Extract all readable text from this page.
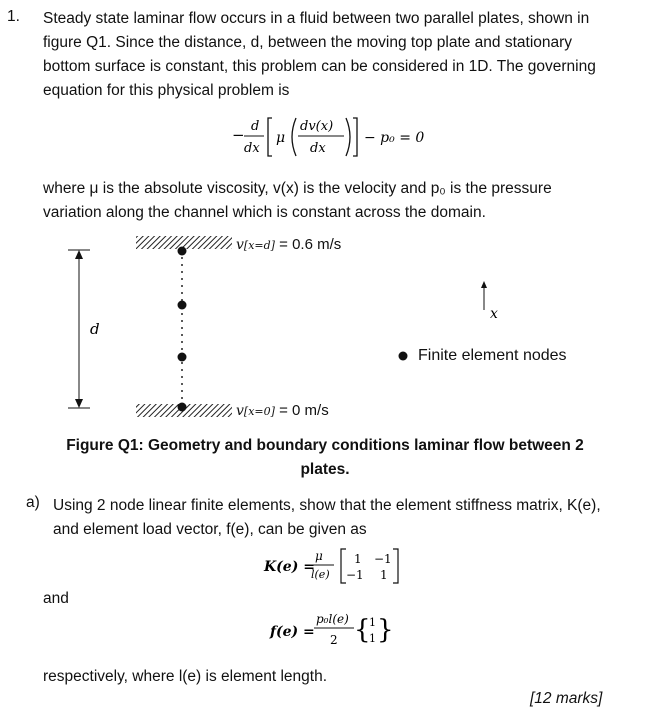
1. Steady state laminar flow occurs in a fluid between two parallel plates, shown in figure Q1. Since the distance, d, between the moving top plate and stationary bottom surface is constant, this problem can be considered in 1D. The governing equation for this physical problem is
− d
dx
μ
dv(x)
dx
− p₀ = 0
where μ is the absolute viscosity, v(x) is the velocity and p₀ is the pressure variation along the channel which is constant across the domain.
d
x
v[x=d] = 0.6 m/s
v[x=0] = 0 m/s
Finite element nodes
Figure Q1: Geometry and boundary conditions laminar flow between 2
plates.
a) Using 2 node linear finite elements, show that the element stiffness matrix, K(e), and element load vector, f(e), can be given as
K(e) =
μ
l(e)
1 −1
−1 1
and
f(e) =
p₀l(e)
2 {
1
1 }
respectively, where l(e) is element length.
[12 marks]
